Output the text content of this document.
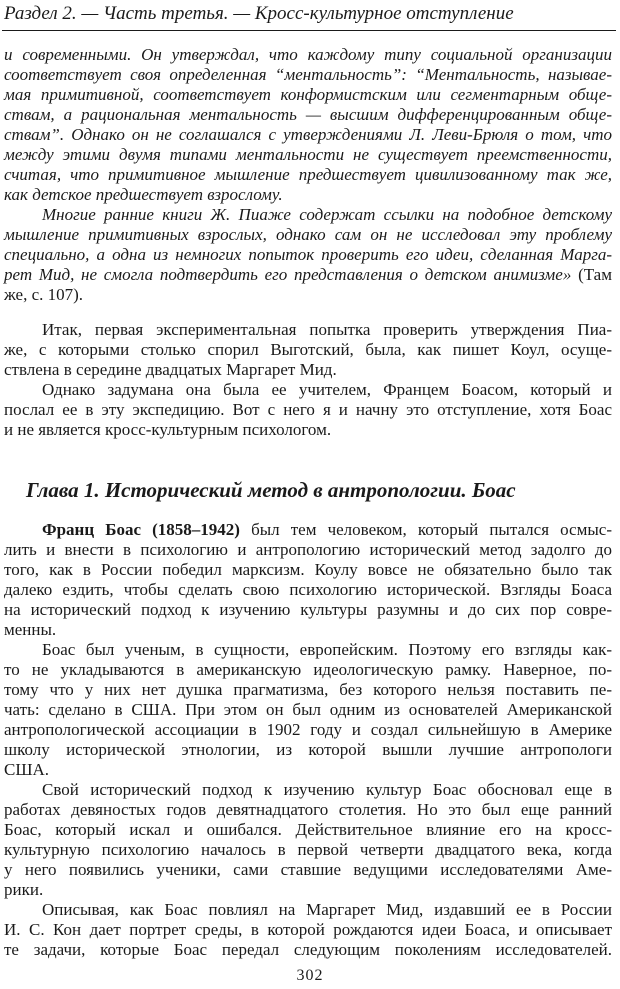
Раздел 2. — Часть третья. — Кросс-культурное отступление
и современными. Он утверждал, что каждому типу социальной организации
соответствует своя определенная “ментальность”: “Ментальность, называе-
мая примитивной, соответствует конформистским или сегментарным обще-
ствам, а рациональная ментальность — высшим дифференцированным обще-
ствам”. Однако он не соглашался с утверждениями Л. Леви-Брюля о том, что
между этими двумя типами ментальности не существует преемственности,
считая, что примитивное мышление предшествует цивилизованному так же,
как детское предшествует взрослому.
Многие ранние книги Ж. Пиаже содержат ссылки на подобное детскому
мышление примитивных взрослых, однако сам он не исследовал эту проблему
специально, а одна из немногих попыток проверить его идеи, сделанная Марга-
рет Мид, не смогла подтвердить его представления о детском анимизме» (Там
же, с. 107).
Итак, первая экспериментальная попытка проверить утверждения Пиа-
же, с которыми столько спорил Выготский, была, как пишет Коул, осуще-
ствлена в середине двадцатых Маргарет Мид.
Однако задумана она была ее учителем, Францем Боасом, который и
послал ее в эту экспедицию. Вот с него я и начну это отступление, хотя Боас
и не является кросс-культурным психологом.
Глава 1. Исторический метод в антропологии. Боас
Франц Боас (1858–1942) был тем человеком, который пытался осмыс-
лить и внести в психологию и антропологию исторический метод задолго до
того, как в России победил марксизм. Коулу вовсе не обязательно было так
далеко ездить, чтобы сделать свою психологию исторической. Взгляды Боаса
на исторический подход к изучению культуры разумны и до сих пор совре-
менны.
Боас был ученым, в сущности, европейским. Поэтому его взгляды как-
то не укладываются в американскую идеологическую рамку. Наверное, по-
тому что у них нет душка прагматизма, без которого нельзя поставить пе-
чать: сделано в США. При этом он был одним из основателей Американской
антропологической ассоциации в 1902 году и создал сильнейшую в Америке
школу исторической этнологии, из которой вышли лучшие антропологи
США.
Свой исторический подход к изучению культур Боас обосновал еще в
работах девяностых годов девятнадцатого столетия. Но это был еще ранний
Боас, который искал и ошибался. Действительное влияние его на кросс-
культурную психологию началось в первой четверти двадцатого века, когда
у него появились ученики, сами ставшие ведущими исследователями Аме-
рики.
Описывая, как Боас повлиял на Маргарет Мид, издавший ее в России
И. С. Кон дает портрет среды, в которой рождаются идеи Боаса, и описывает
те задачи, которые Боас передал следующим поколениям исследователей.
302
